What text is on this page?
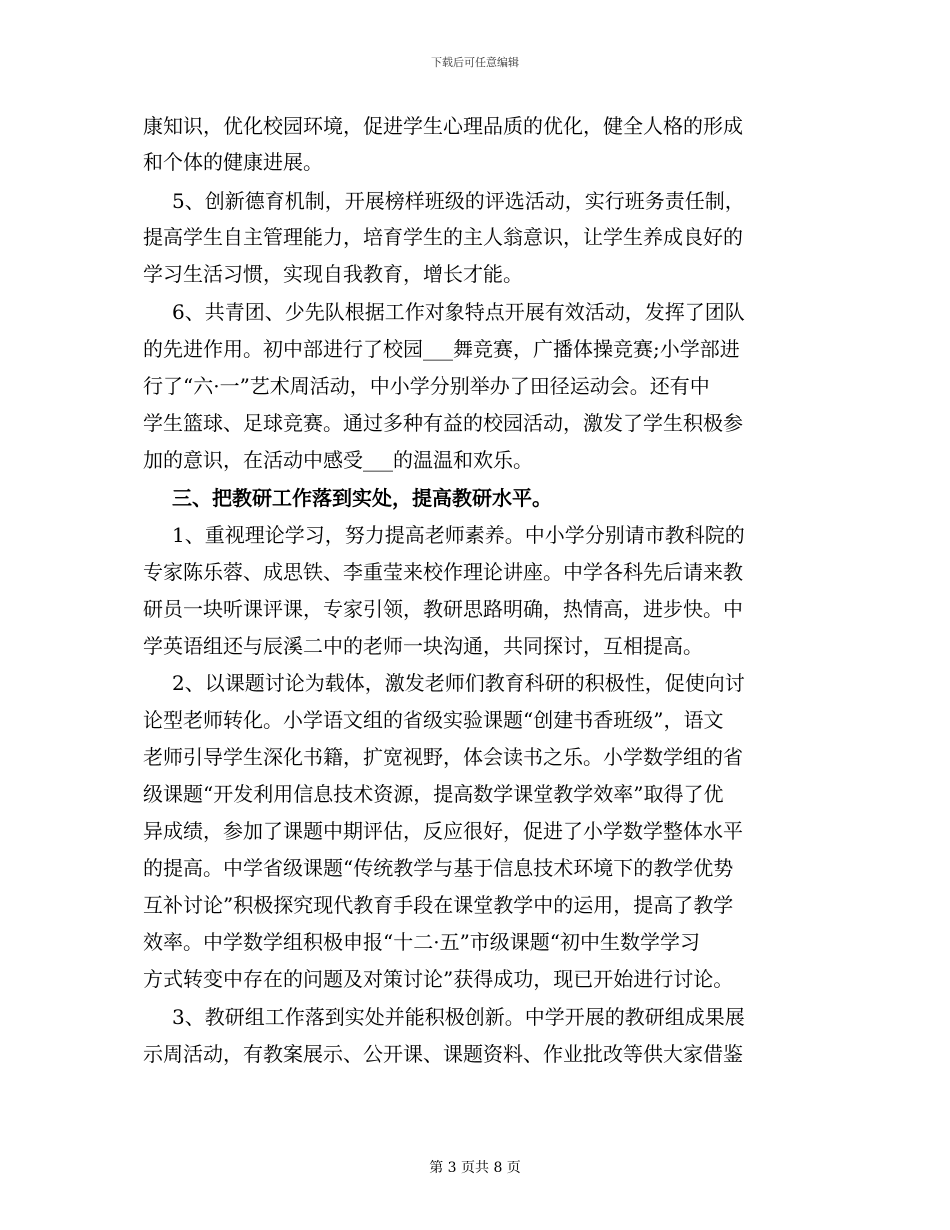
下载后可任意编辑
康知识，优化校园环境，促进学生心理品质的优化，健全人格的形成
和个体的健康进展。
5、创新德育机制，开展榜样班级的评选活动，实行班务责任制，
提高学生自主管理能力，培育学生的主人翁意识，让学生养成良好的
学习生活习惯，实现自我教育，增长才能。
6、共青团、少先队根据工作对象特点开展有效活动，发挥了团队
的先进作用。初中部进行了校园___舞竞赛，广播体操竞赛;小学部进
行了“六·一”艺术周活动，中小学分别举办了田径运动会。还有中
学生篮球、足球竞赛。通过多种有益的校园活动，激发了学生积极参
加的意识，在活动中感受___的温温和欢乐。
三、把教研工作落到实处，提高教研水平。
1、重视理论学习，努力提高老师素养。中小学分别请市教科院的
专家陈乐蓉、成思铁、李重莹来校作理论讲座。中学各科先后请来教
研员一块听课评课，专家引领，教研思路明确，热情高，进步快。中
学英语组还与辰溪二中的老师一块沟通，共同探讨，互相提高。
2、以课题讨论为载体，激发老师们教育科研的积极性，促使向讨
论型老师转化。小学语文组的省级实验课题“创建书香班级”，语文
老师引导学生深化书籍，扩宽视野，体会读书之乐。小学数学组的省
级课题“开发利用信息技术资源，提高数学课堂教学效率”取得了优
异成绩，参加了课题中期评估，反应很好，促进了小学数学整体水平
的提高。中学省级课题“传统教学与基于信息技术环境下的教学优势
互补讨论”积极探究现代教育手段在课堂教学中的运用，提高了教学
效率。中学数学组积极申报“十二·五”市级课题“初中生数学学习
方式转变中存在的问题及对策讨论”获得成功，现已开始进行讨论。
3、教研组工作落到实处并能积极创新。中学开展的教研组成果展
示周活动，有教案展示、公开课、课题资料、作业批改等供大家借鉴
第 3 页共 8 页
